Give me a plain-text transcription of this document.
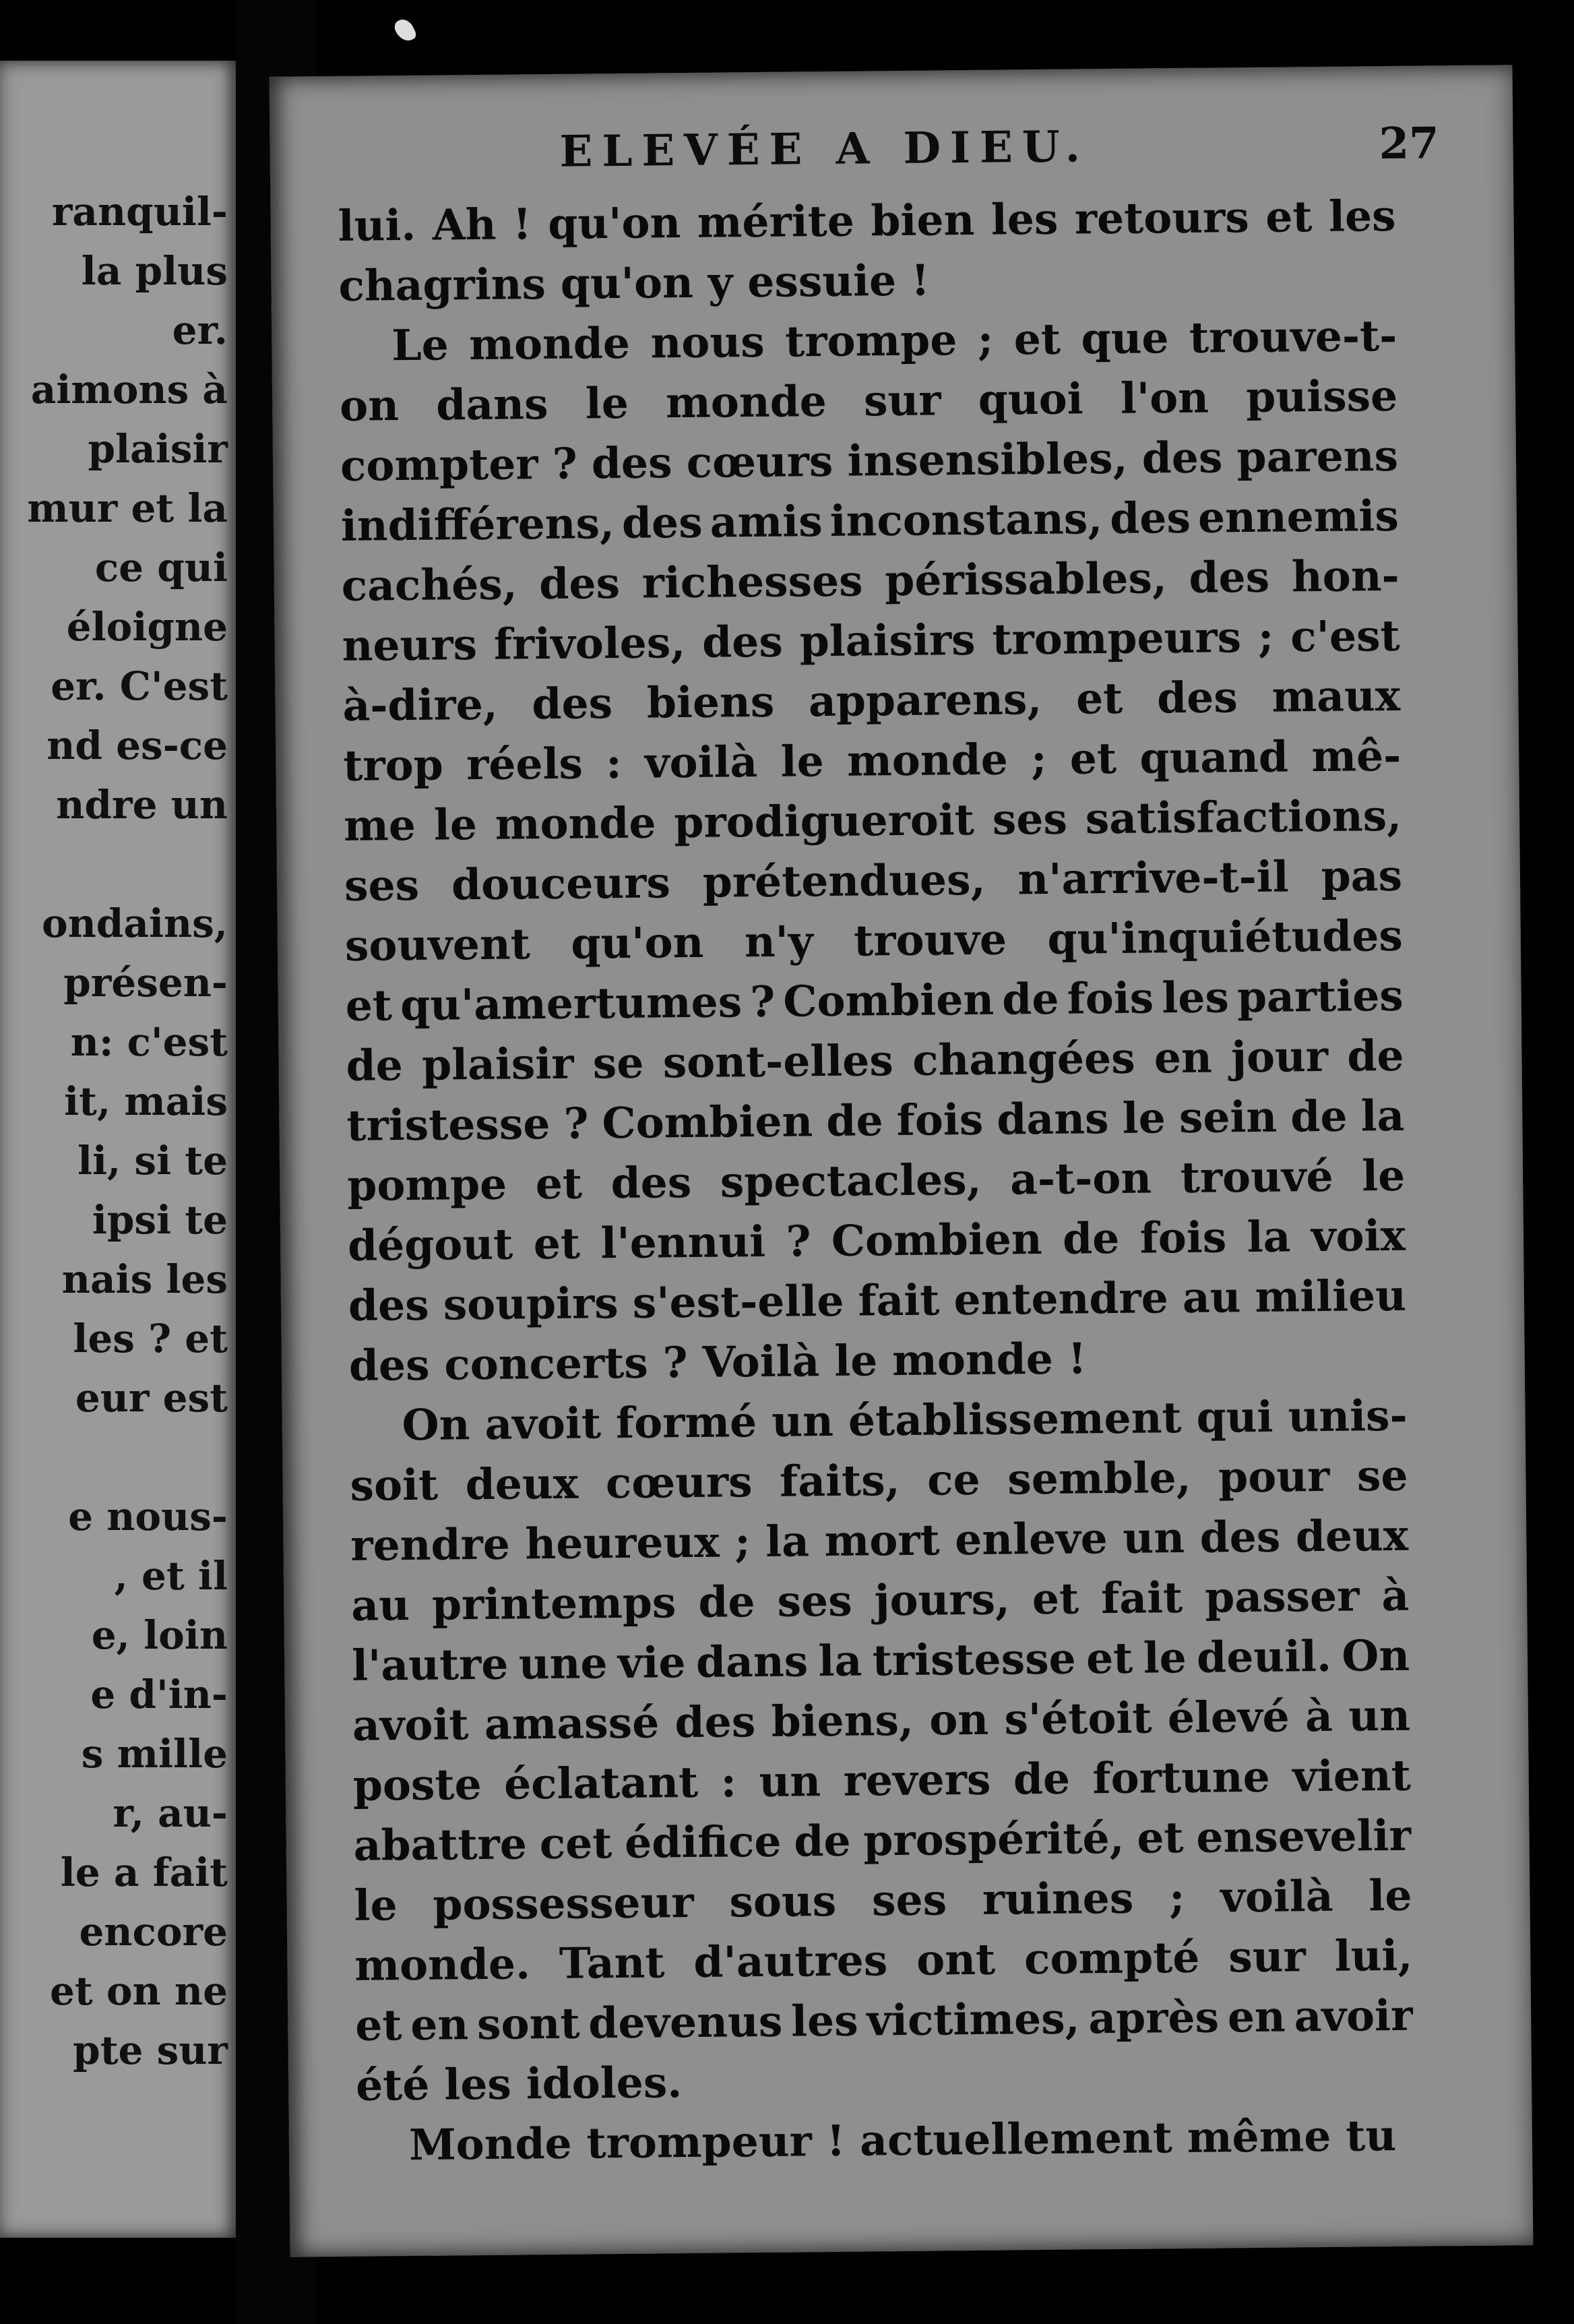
ranquil-
la plus
er.
aimons à
plaisir
mur et la
ce qui
éloigne
er. C'est
nd es-ce
ndre un
ondains,
présen-
n: c'est
it, mais
li, si te
ipsi te
nais les
les ? et
eur est
e nous-
, et il
e, loin
e d'in-
s mille
r, au-
le a fait
encore
et on ne
pte sur
ELEVÉE A DIEU.	27
lui. Ah ! qu'on mérite bien les retours et les
chagrins qu'on y essuie !
Le monde nous trompe ; et que trouve-t-
on dans le monde sur quoi l'on puisse
compter ? des cœurs insensibles, des parens
indifférens, des amis inconstans, des ennemis
cachés, des richesses périssables, des hon-
neurs frivoles, des plaisirs trompeurs ; c'est
à-dire, des biens apparens, et des maux
trop réels : voilà le monde ; et quand mê-
me le monde prodigueroit ses satisfactions,
ses douceurs prétendues, n'arrive-t-il pas
souvent qu'on n'y trouve qu'inquiétudes
et qu'amertumes ? Combien de fois les parties
de plaisir se sont-elles changées en jour de
tristesse ? Combien de fois dans le sein de la
pompe et des spectacles, a-t-on trouvé le
dégout et l'ennui ? Combien de fois la voix
des soupirs s'est-elle fait entendre au milieu
des concerts ? Voilà le monde !
On avoit formé un établissement qui unis-
soit deux cœurs faits, ce semble, pour se
rendre heureux ; la mort enleve un des deux
au printemps de ses jours, et fait passer à
l'autre une vie dans la tristesse et le deuil. On
avoit amassé des biens, on s'étoit élevé à un
poste éclatant : un revers de fortune vient
abattre cet édifice de prospérité, et ensevelir
le possesseur sous ses ruines ; voilà le
monde. Tant d'autres ont compté sur lui,
et en sont devenus les victimes, après en avoir
été les idoles.
Monde trompeur ! actuellement même tu
